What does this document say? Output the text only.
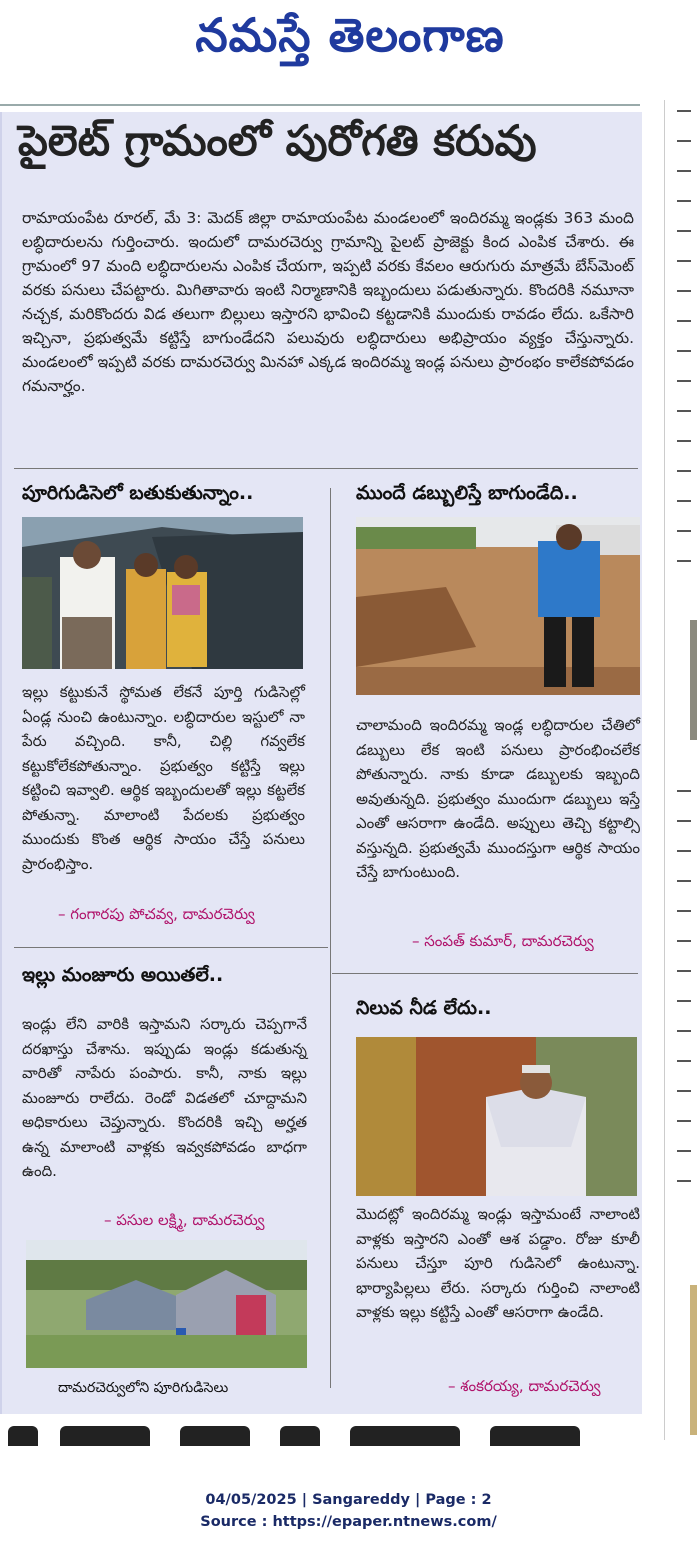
నమస్తే తెలంగాణ
పైలెట్ గ్రామంలో పురోగతి కరువు
రామాయంపేట రూరల్, మే 3: మెదక్ జిల్లా రామాయంపేట మండలంలో ఇందిరమ్మ ఇండ్లకు 363 మంది లబ్ధిదారులను గుర్తించారు. ఇందులో దామరచెర్వు గ్రామాన్ని పైలట్ ప్రాజెక్టు కింద ఎంపిక చేశారు. ఈ గ్రామంలో 97 మంది లబ్ధిదారులను ఎంపిక చేయగా, ఇప్పటి వరకు కేవలం ఆరుగురు మాత్రమే బేస్‌మెంట్ వరకు పనులు చేపట్టారు. మిగితావారు ఇంటి నిర్మాణానికి ఇబ్బందులు పడుతున్నారు. కొందరికి నమూనా నచ్చక, మరికొందరు విడ తలుగా బిల్లులు ఇస్తారని భావించి కట్టడానికి ముందుకు రావడం లేదు. ఒకేసారి ఇచ్చినా, ప్రభుత్వమే కట్టిస్తే బాగుండేదని పలువురు లబ్ధిదారులు అభిప్రాయం వ్యక్తం చేస్తున్నారు. మండలంలో ఇప్పటి వరకు దామరచెర్వు మినహా ఎక్కడ ఇందిరమ్మ ఇండ్ల పనులు ప్రారంభం కాలేకపోవడం గమనార్హం.
పూరిగుడిసెలో బతుకుతున్నాం..
ఇల్లు కట్టుకునే స్థోమత లేకనే పూర్తి గుడిసెల్లో ఏండ్ల నుంచి ఉంటున్నాం. లబ్ధిదారుల ఇస్టులో నా పేరు వచ్చింది. కానీ, చిల్లి గవ్వలేక కట్టుకోలేకపోతున్నాం. ప్రభుత్వం కట్టిస్తే ఇల్లు కట్టించి ఇవ్వాలి. ఆర్థిక ఇబ్బందులతో ఇల్లు కట్టలేక పోతున్నా. మాలాంటి పేదలకు ప్రభుత్వం ముందుకు కొంత ఆర్థిక సాయం చేస్తే పనులు ప్రారంభిస్తాం.
– గంగారపు పోచవ్వ, దామరచెర్వు
ముందే డబ్బులిస్తే బాగుండేది..
చాలామంది ఇందిరమ్మ ఇండ్ల లబ్ధిదారుల చేతిలో డబ్బులు లేక ఇంటి పనులు ప్రారంభించలేక పోతున్నారు. నాకు కూడా డబ్బులకు ఇబ్బంది అవుతున్నది. ప్రభుత్వం ముందుగా డబ్బులు ఇస్తే ఎంతో ఆసరాగా ఉండేది. అప్పులు తెచ్చి కట్టాల్సి వస్తున్నది. ప్రభుత్వమే ముందస్తుగా ఆర్థిక సాయం చేస్తే బాగుంటుంది.
– సంపత్ కుమార్, దామరచెర్వు
ఇల్లు మంజూరు అయితలే..
ఇండ్లు లేని వారికి ఇస్తామని సర్కారు చెప్పగానే దరఖాస్తు చేశాను. ఇప్పుడు ఇండ్లు కడుతున్న వారితో నాపేరు పంపారు. కానీ, నాకు ఇల్లు మంజూరు రాలేదు. రెండో విడతలో చూద్దామని అధికారులు చెప్తున్నారు. కొందరికి ఇచ్చి అర్హత ఉన్న మాలాంటి వాళ్లకు ఇవ్వకపోవడం బాధగా ఉంది.
– పసుల లక్ష్మి, దామరచెర్వు
దామరచెర్వులోని పూరిగుడిసెలు
నిలువ నీడ లేదు..
మొదట్లో ఇందిరమ్మ ఇండ్లు ఇస్తామంటే నాలాంటి వాళ్లకు ఇస్తారని ఎంతో ఆశ పడ్డాం. రోజు కూలీ పనులు చేస్తూ పూరి గుడిసెలో ఉంటున్నా. భార్యాపిల్లలు లేరు. సర్కారు గుర్తించి నాలాంటి వాళ్లకు ఇల్లు కట్టిస్తే ఎంతో ఆసరాగా ఉండేది.
– శంకరయ్య, దామరచెర్వు
04/05/2025 | Sangareddy | Page : 2
Source : https://epaper.ntnews.com/
